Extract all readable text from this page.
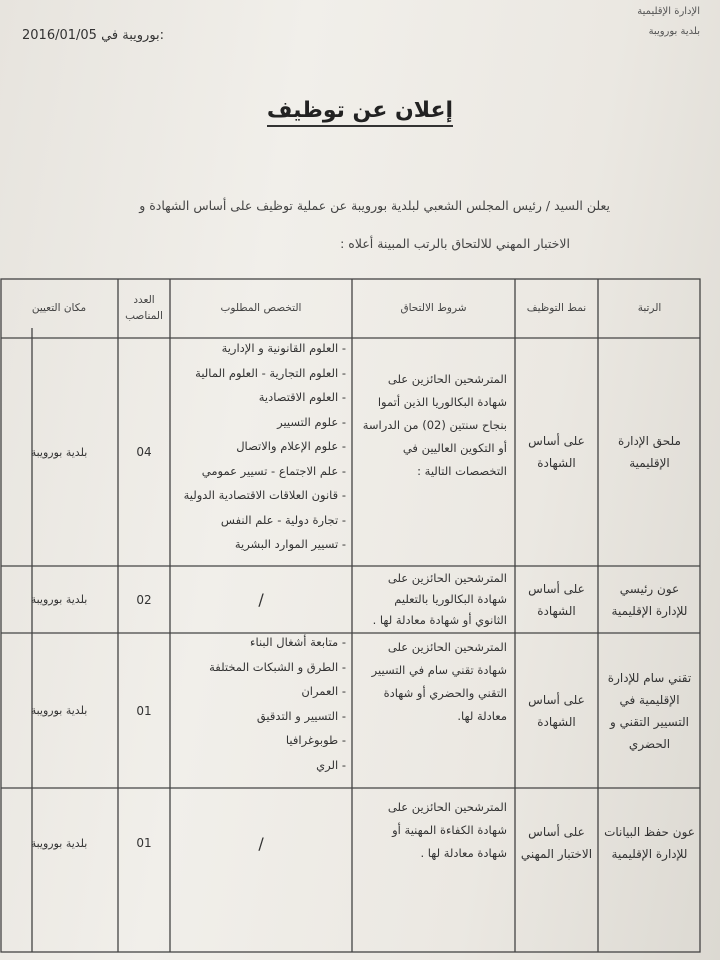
الإدارة الإقليمية
بلدية بورويبة
2016/01/05 بورويبة في:
إعلان عن توظيف
يعلن السيد / رئيس المجلس الشعبي لبلدية بورويبة عن عملية توظيف على أساس الشهادة و
الاختبار المهني للالتحاق بالرتب المبينة أعلاه :
الرتبة
نمط التوظيف
شروط الالتحاق
التخصص المطلوب
العدد المناصب
مكان التعيين
ملحق الإدارة الإقليمية
على أساس الشهادة
المترشحين الحائزين على شهادة البكالوريا الذين أتموا بنجاح سنتين (02) من الدراسة أو التكوين العاليين في التخصصات التالية :
- العلوم القانونية و الإدارية
- العلوم التجارية - العلوم المالية
- العلوم الاقتصادية
- علوم التسيير
- علوم الإعلام والاتصال
- علم الاجتماع - تسيير عمومي
- قانون العلاقات الاقتصادية الدولية
- تجارة دولية - علم النفس
- تسيير الموارد البشرية
04
بلدية بورويبة
عون رئيسي للإدارة الإقليمية
على أساس الشهادة
المترشحين الحائزين على شهادة البكالوريا بالتعليم الثانوي أو شهادة معادلة لها .
/
02
بلدية بورويبة
تقني سام للإدارة الإقليمية في التسيير التقني و الحضري
على أساس الشهادة
المترشحين الحائزين على شهادة تقني سام في التسيير التقني والحضري أو شهادة معادلة لها.
- متابعة أشغال البناء
- الطرق و الشبكات المختلفة
- العمران
- التسيير و التدقيق
- طوبوغرافيا
- الري
01
بلدية بورويبة
عون حفظ البيانات للإدارة الإقليمية
على أساس الاختبار المهني
المترشحين الحائزين على شهادة الكفاءة المهنية أو شهادة معادلة لها .
/
01
بلدية بورويبة
